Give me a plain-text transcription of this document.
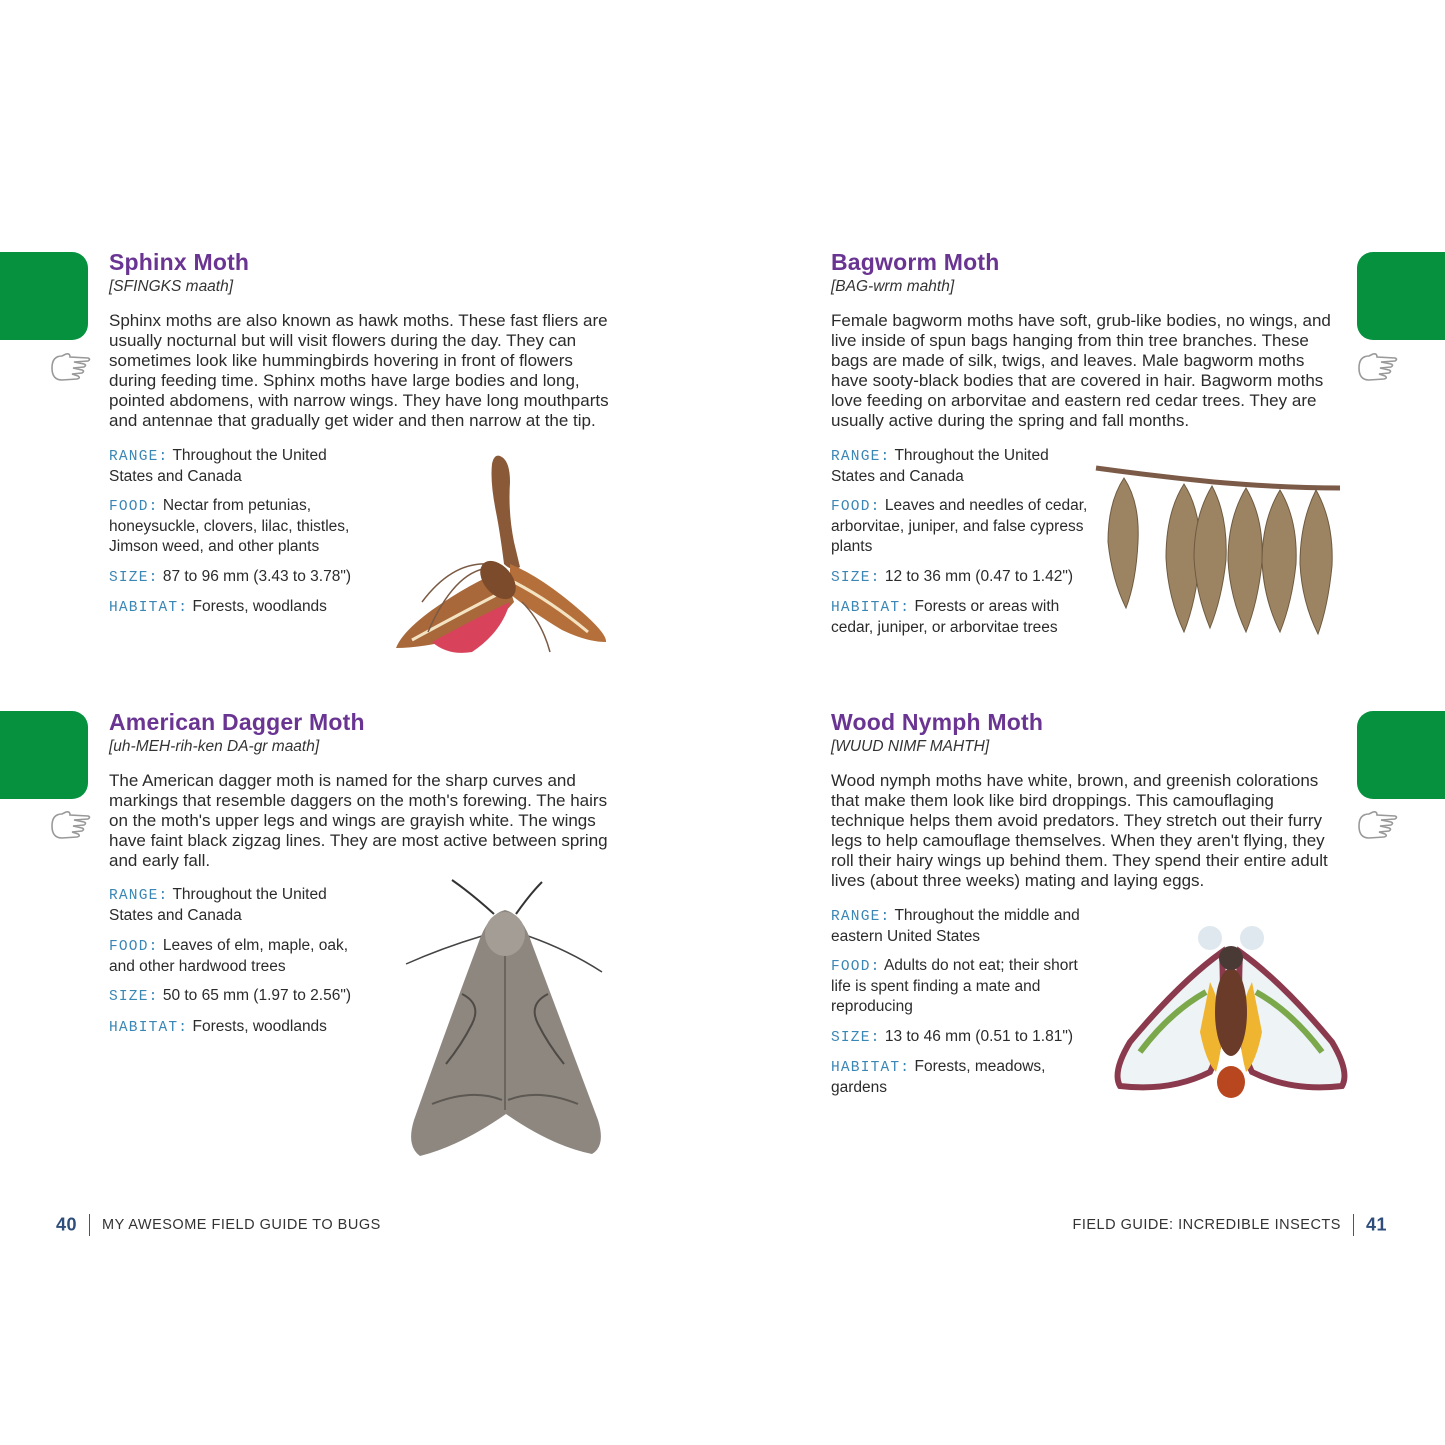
Sphinx Moth
[SFINGKS maath]
Sphinx moths are also known as hawk moths. These fast fliers are usually nocturnal but will visit flowers during the day. They can sometimes look like hummingbirds hovering in front of flowers during feeding time. Sphinx moths have large bodies and long, pointed abdomens, with narrow wings. They have long mouthparts and antennae that gradually get wider and then narrow at the tip.
RANGE: Throughout the United States and Canada
FOOD: Nectar from petunias, honeysuckle, clovers, lilac, thistles, Jimson weed, and other plants
SIZE: 87 to 96 mm (3.43 to 3.78")
HABITAT: Forests, woodlands
Bagworm Moth
[BAG-wrm mahth]
Female bagworm moths have soft, grub-like bodies, no wings, and live inside of spun bags hanging from thin tree branches. These bags are made of silk, twigs, and leaves. Male bagworm moths have sooty-black bodies that are covered in hair. Bagworm moths love feeding on arborvitae and eastern red cedar trees. They are usually active during the spring and fall months.
RANGE: Throughout the United States and Canada
FOOD: Leaves and needles of cedar, arborvitae, juniper, and false cypress plants
SIZE: 12 to 36 mm (0.47 to 1.42")
HABITAT: Forests or areas with cedar, juniper, or arborvitae trees
American Dagger Moth
[uh-MEH-rih-ken DA-gr maath]
The American dagger moth is named for the sharp curves and markings that resemble daggers on the moth's forewing. The hairs on the moth's upper legs and wings are grayish white. The wings have faint black zigzag lines. They are most active between spring and early fall.
RANGE: Throughout the United States and Canada
FOOD: Leaves of elm, maple, oak, and other hardwood trees
SIZE: 50 to 65 mm (1.97 to 2.56")
HABITAT: Forests, woodlands
Wood Nymph Moth
[WUUD NIMF MAHTH]
Wood nymph moths have white, brown, and greenish colorations that make them look like bird droppings. This camouflaging technique helps them avoid predators. They stretch out their furry legs to help camouflage themselves. When they aren't flying, they roll their hairy wings up behind them. They spend their entire adult lives (about three weeks) mating and laying eggs.
RANGE: Throughout the middle and eastern United States
FOOD: Adults do not eat; their short life is spent finding a mate and reproducing
SIZE: 13 to 46 mm (0.51 to 1.81")
HABITAT: Forests, meadows, gardens
40 MY AWESOME FIELD GUIDE TO BUGS	FIELD GUIDE: INCREDIBLE INSECTS 41
